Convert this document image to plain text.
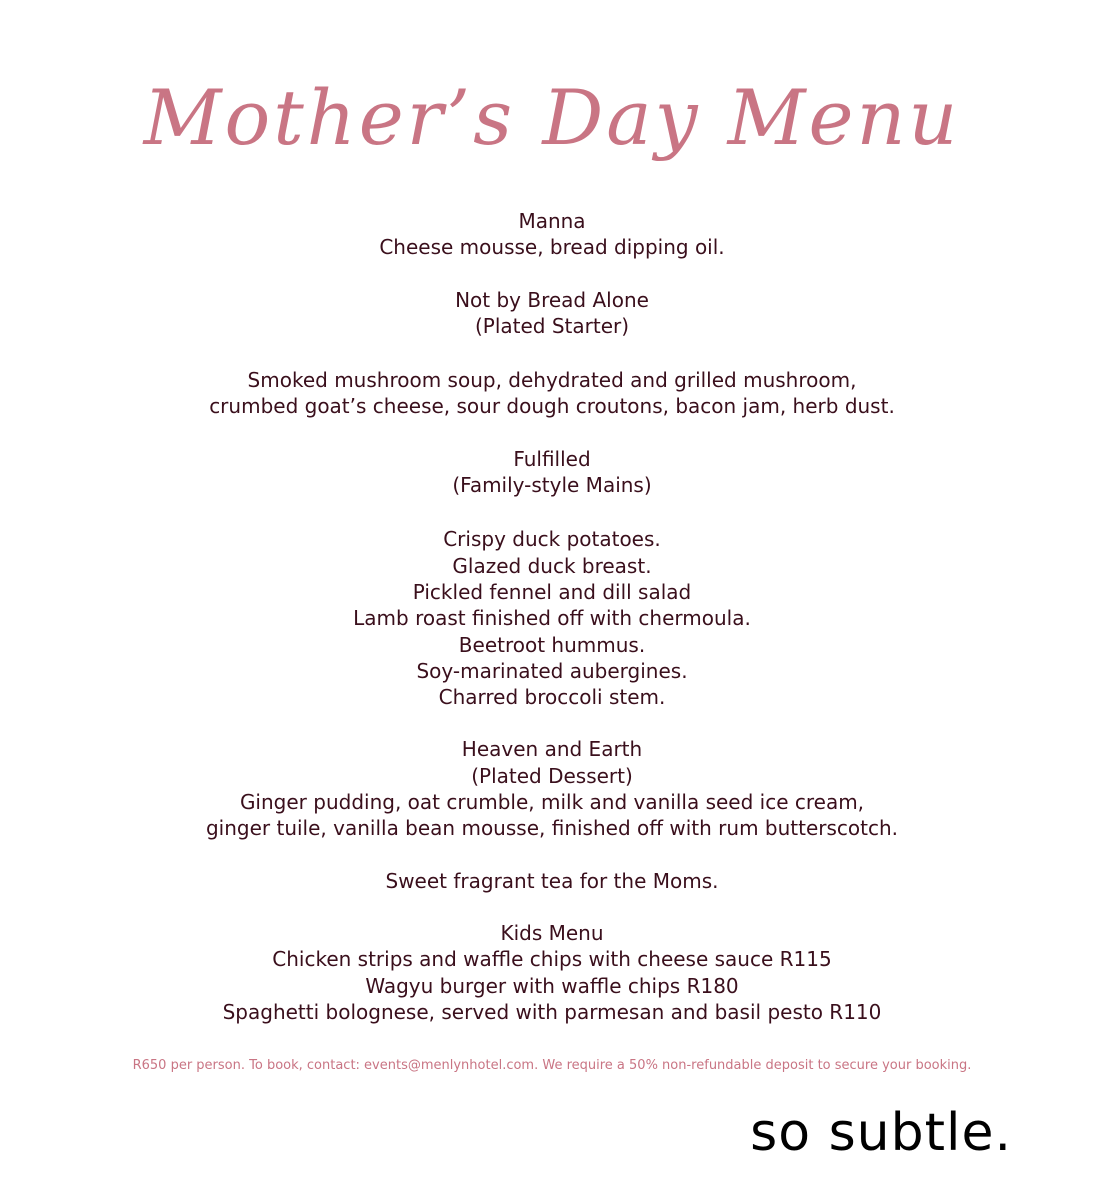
Mother’s Day Menu
Manna
Cheese mousse, bread dipping oil.
Not by Bread Alone
(Plated Starter)
Smoked mushroom soup, dehydrated and grilled mushroom,
crumbed goat’s cheese, sour dough croutons, bacon jam, herb dust.
Fulfilled
(Family-style Mains)
Crispy duck potatoes.
Glazed duck breast.
Pickled fennel and dill salad
Lamb roast finished off with chermoula.
Beetroot hummus.
Soy-marinated aubergines.
Charred broccoli stem.
Heaven and Earth
(Plated Dessert)
Ginger pudding, oat crumble, milk and vanilla seed ice cream,
ginger tuile, vanilla bean mousse, finished off with rum butterscotch.
Sweet fragrant tea for the Moms.
Kids Menu
Chicken strips and waffle chips with cheese sauce R115
Wagyu burger with waffle chips R180
Spaghetti bolognese, served with parmesan and basil pesto R110
R650 per person. To book, contact: events@menlynhotel.com. We require a 50% non-refundable deposit to secure your booking.
so subtle.
